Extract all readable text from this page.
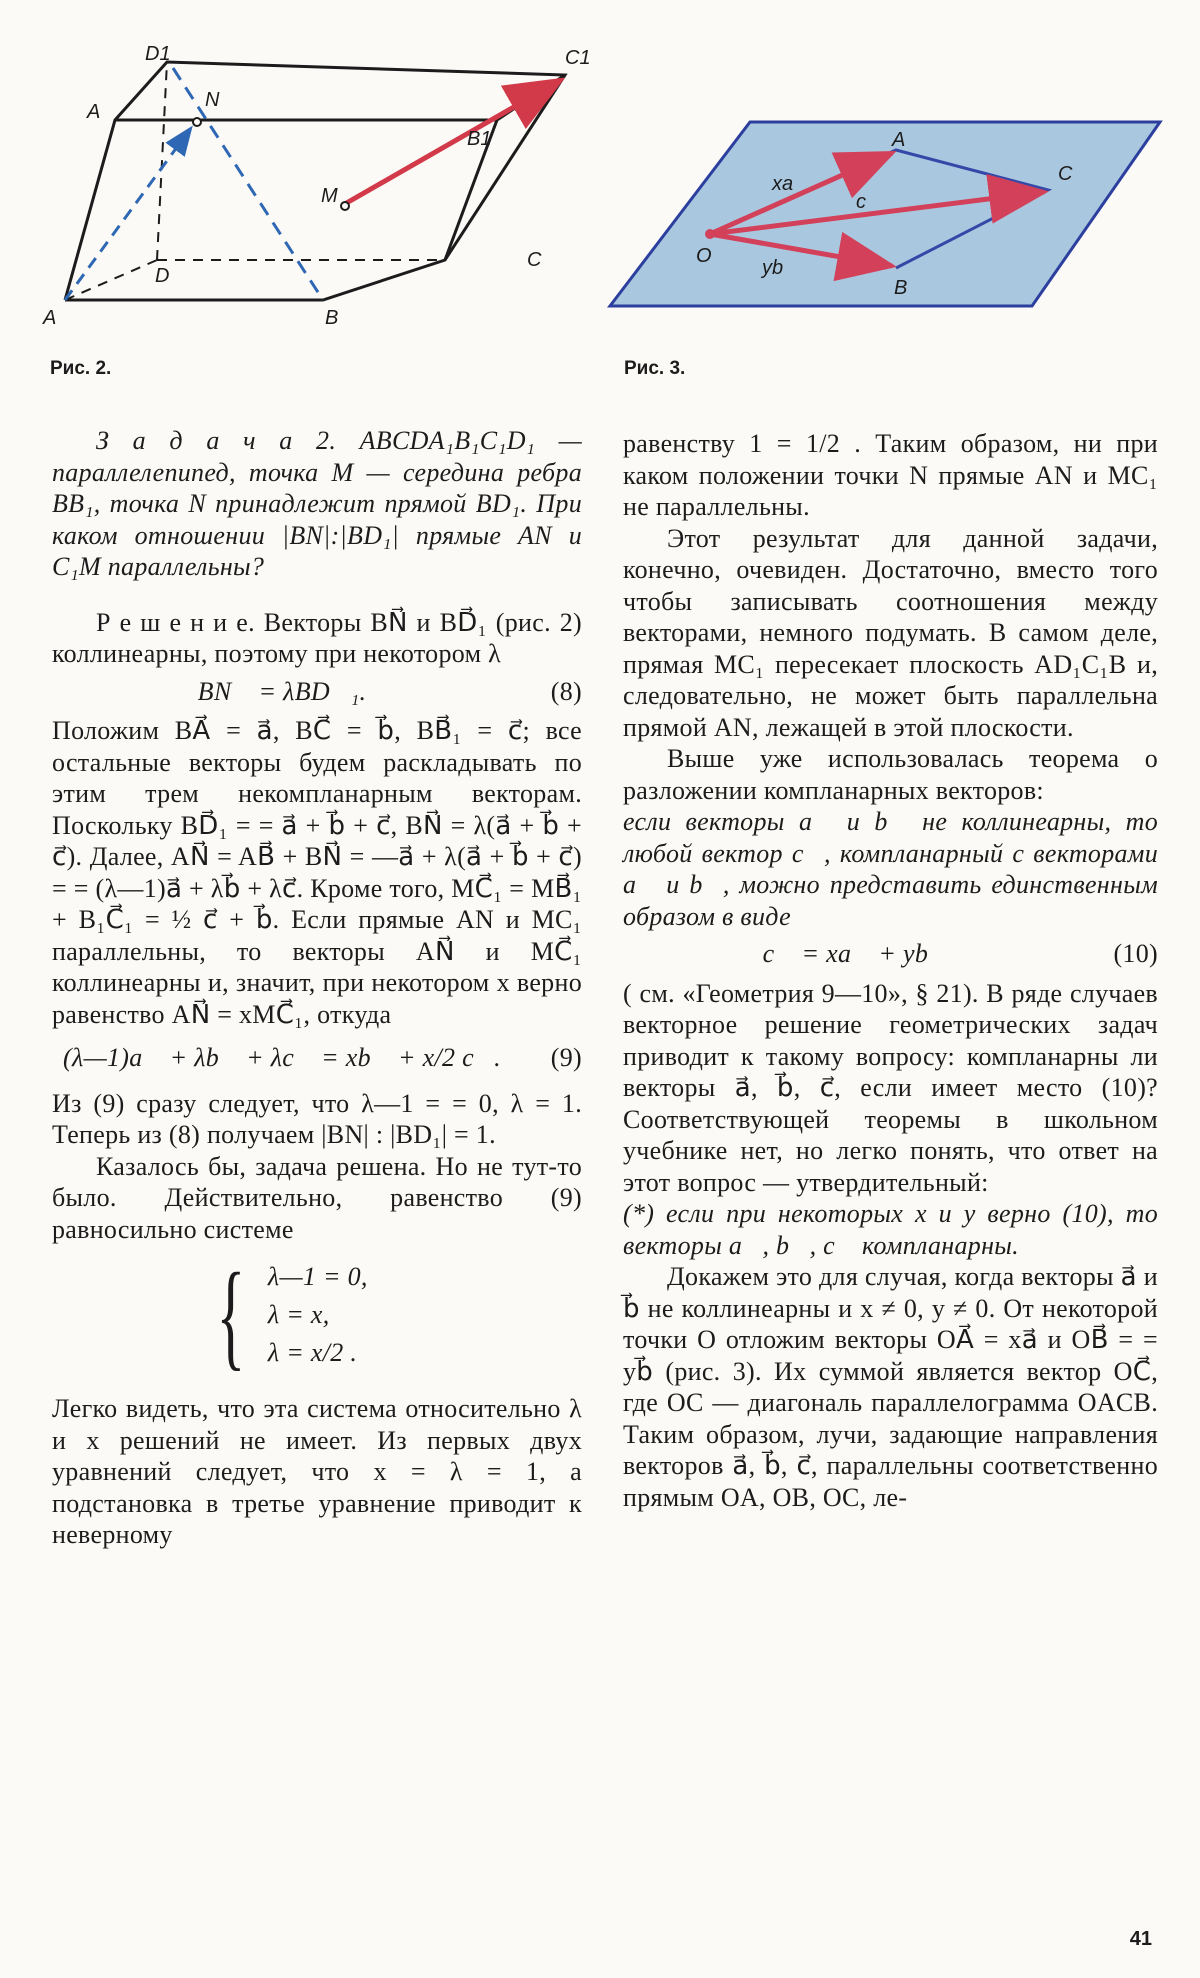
D1	C1
A
N
B1
M
D
C
A	B
Рис. 2.
A
C
O
B
xa
c
yb
Рис. 3.

З а д а ч а 2. ABCDA₁B₁C₁D₁ — параллелепипед, точка M — середина ребра BB₁, точка N принадлежит прямой BD₁. При каком отношении |BN|:|BD₁| прямые AN и C₁M параллельны?

Р е ш е н и е. Векторы BN⃗ и BD⃗₁ (рис. 2) коллинеарны, поэтому при некотором λ

BN⃗ = λBD⃗₁.	(8)

Положим BA⃗ = a⃗, BC⃗ = b⃗, BB⃗₁ = c⃗; все остальные векторы будем раскладывать по этим трем некомпланарным векторам. Поскольку BD⃗₁ = = a⃗ + b⃗ + c⃗, BN⃗ = λ(a⃗ + b⃗ + c⃗). Далее, AN⃗ = AB⃗ + BN⃗ = —a⃗ + λ(a⃗ + b⃗ + c⃗) = = (λ—1)a⃗ + λb⃗ + λc⃗. Кроме того, MC⃗₁ = MB⃗₁ + B₁C⃗₁ = ½ c⃗ + b⃗. Если прямые AN и MC₁ параллельны, то векторы AN⃗ и MC⃗₁ коллинеарны и, значит, при некотором x верно равенство AN⃗ = xMC⃗₁, откуда

(λ—1)a⃗ + λb⃗ + λc⃗ = xb⃗ + x/2 c⃗.	(9)

Из (9) сразу следует, что λ—1 = = 0, λ = 1. Теперь из (8) получаем |BN| : |BD₁| = 1.

Казалось бы, задача решена. Но не тут-то было. Действительно, равенство (9) равносильно системе

{ λ—1 = 0,
λ = x,
λ = x/2 .

Легко видеть, что эта система относительно λ и x решений не имеет. Из первых двух уравнений следует, что x = λ = 1, а подстановка в третье уравнение приводит к неверному

равенству 1 = 1/2 . Таким образом, ни при каком положении точки N прямые AN и MC₁ не параллельны.

Этот результат для данной задачи, конечно, очевиден. Достаточно, вместо того чтобы записывать соотношения между векторами, немного подумать. В самом деле, прямая MC₁ пересекает плоскость AD₁C₁B и, следовательно, не может быть параллельна прямой AN, лежащей в этой плоскости.

Выше уже использовалась теорема о разложении компланарных векторов:

если векторы a⃗ и b⃗ не коллинеарны, то любой вектор c⃗, компланарный с векторами a⃗ и b⃗, можно представить единственным образом в виде

c⃗ = xa⃗ + yb⃗	(10)

( см. «Геометрия 9—10», § 21). В ряде случаев векторное решение геометрических задач приводит к такому вопросу: компланарны ли векторы a⃗, b⃗, c⃗, если имеет место (10)? Соответствующей теоремы в школьном учебнике нет, но легко понять, что ответ на этот вопрос — утвердительный:

(*) если при некоторых x и y верно (10), то векторы a⃗, b⃗, c⃗ компланарны.

Докажем это для случая, когда векторы a⃗ и b⃗ не коллинеарны и x ≠ 0, y ≠ 0. От некоторой точки O отложим векторы OA⃗ = xa⃗ и OB⃗ = = yb⃗ (рис. 3). Их суммой является вектор OC⃗, где OC — диагональ параллелограмма OACB. Таким образом, лучи, задающие направления векторов a⃗, b⃗, c⃗, параллельны соответственно прямым OA, OB, OC, ле-

41
